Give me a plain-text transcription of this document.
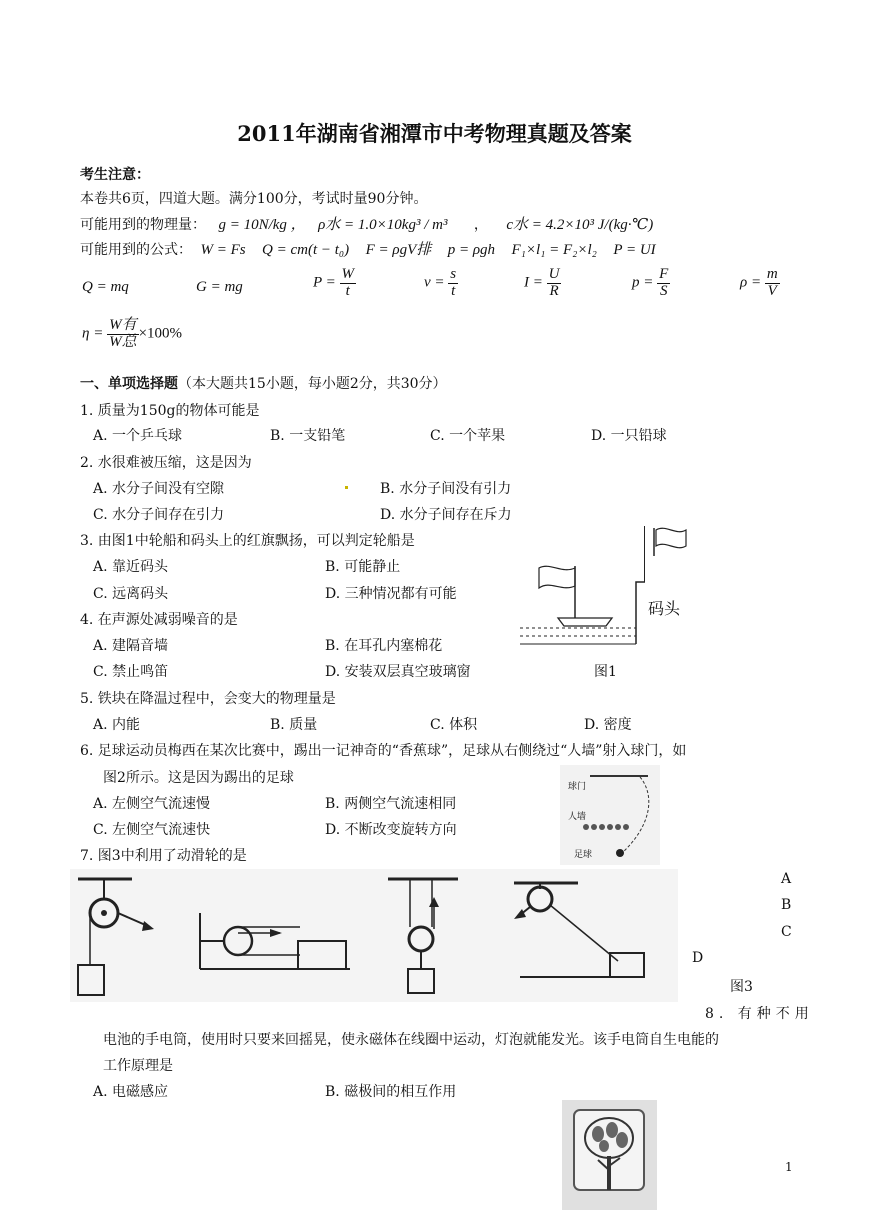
2011年湖南省湘潭市中考物理真题及答案
考生注意：
本卷共6页，四道大题。满分100分，考试时量90分钟。
可能用到的物理量： g = 10N/kg ， ρ水 = 1.0×10kg³ / m³ ， c水 = 4.2×10³ J/(kg·℃)
可能用到的公式： W = Fs Q = cm(t − t₀) F = ρgV排 p = ρgh F₁×l₁ = F₂×l₂ P = UI
Q = mq	G = mg	$P = \frac{W}{t}$	$v = \frac{s}{t}$	$I = \frac{U}{R}$	$p = \frac{F}{S}$	$\rho = \frac{m}{V}$
$\eta = \frac{\text{W有}}{\text{W总}} \times 100\%$
一、单项选择题（本大题共15小题，每小题2分，共30分）
1. 质量为150g的物体可能是
A. 一个乒乓球	B. 一支铅笔	C. 一个苹果	D. 一只铅球
2. 水很难被压缩，这是因为
A. 水分子间没有空隙	B. 水分子间没有引力
C. 水分子间存在引力	D. 水分子间存在斥力
3. 由图1中轮船和码头上的红旗飘扬，可以判定轮船是
A. 靠近码头	B. 可能静止
C. 远离码头	D. 三种情况都有可能
码头
图1
4. 在声源处减弱噪音的是
A. 建隔音墙	B. 在耳孔内塞棉花
C. 禁止鸣笛	D. 安装双层真空玻璃窗
5. 铁块在降温过程中，会变大的物理量是
A. 内能	B. 质量	C. 体积	D. 密度
6. 足球运动员梅西在某次比赛中，踢出一记神奇的“香蕉球”，足球从右侧绕过“人墙”射入球门，如
图2所示。这是因为踢出的足球
A. 左侧空气流速慢	B. 两侧空气流速相同
C. 左侧空气流速快	D. 不断改变旋转方向
球门
人墙
足球
7. 图3中利用了动滑轮的是
A
B
C
D
图3
8. 有种不用
电池的手电筒，使用时只要来回摇晃，使永磁体在线圈中运动，灯泡就能发光。该手电筒自生电能的
工作原理是
A. 电磁感应	B. 磁极间的相互作用
1
